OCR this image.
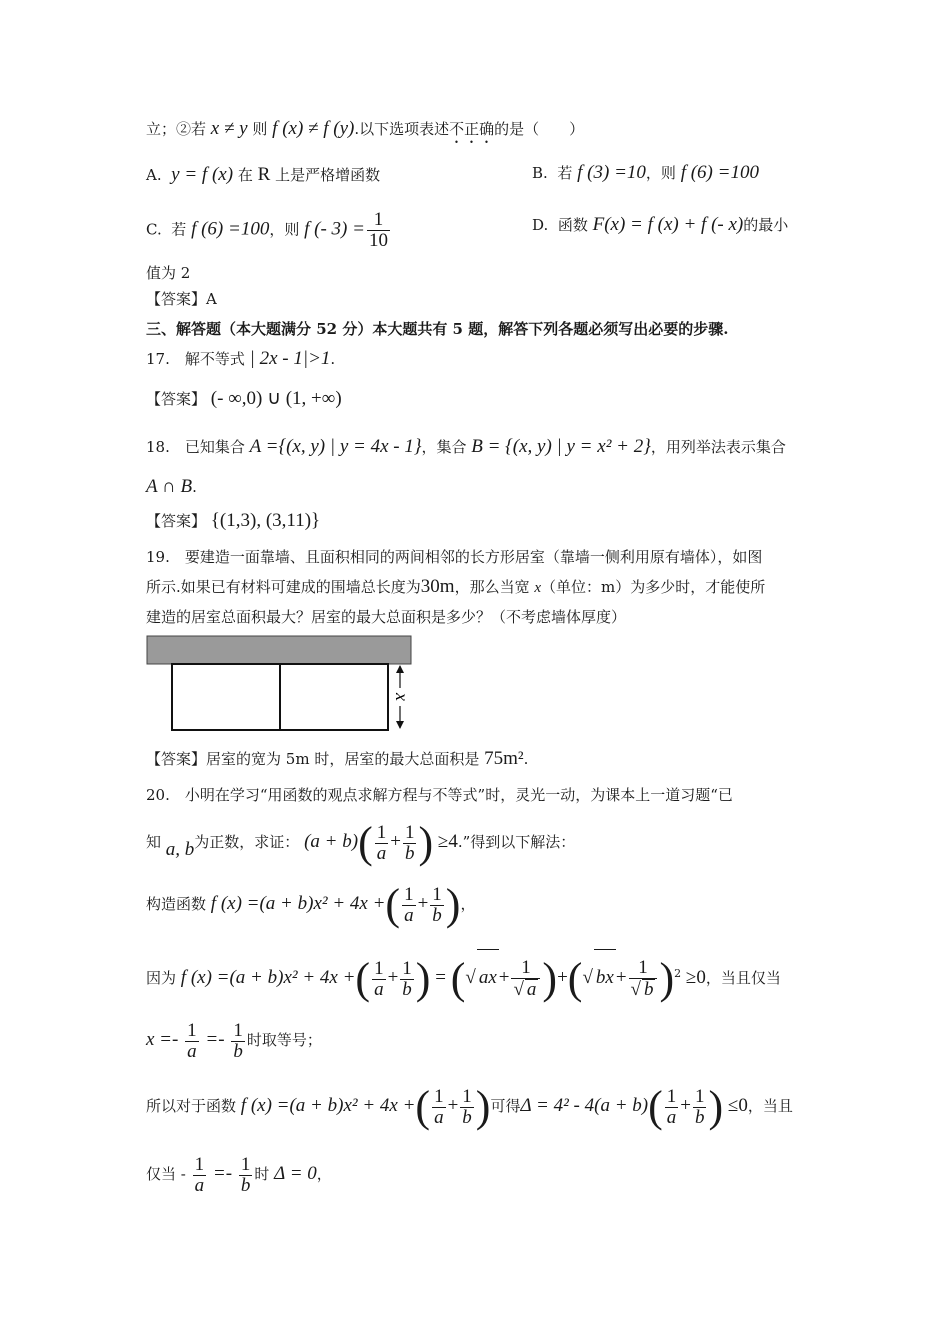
立；②若 x ≠ y 则 f (x) ≠ f (y).以下选项表述不正确的是（　　）
A. y = f (x) 在 R 上是严格增函数	B. 若 f (3) =10，则 f (6) =100
C. 若 f (6) =100，则 f (- $3) = \frac{1}{10}$	D. 函数 F(x) = f (x) + f (- x)的最小
值为 2
【答案】A
三、解答题（本大题满分 52 分）本大题共有 5 题，解答下列各题必须写出必要的步骤.
17.　解不等式 | 2x - 1|>1.
【答案】 (- ∞,0) ∪ (1, +∞)
18.　已知集合 A ={(x, y) | y = 4x - 1}，集合 B = {(x, y) | y = x² + 2}，用列举法表示集合
A ∩ B.
【答案】 {(1,3), (3,11)}
19.　要建造一面靠墙、且面积相同的两间相邻的长方形居室（靠墙一侧利用原有墙体），如图
所示.如果已有材料可建成的围墙总长度为30m，那么当宽 x（单位：m）为多少时，才能使所
建造的居室总面积最大？居室的最大总面积是多少？（不考虑墙体厚度）
x
【答案】居室的宽为 5m 时，居室的最大总面积是 75m².
20.　小明在学习“用函数的观点求解方程与不等式”时，灵光一动，为课本上一道习题“已
知 a, b为正数，求证： $(a + b)( \frac{1}{a} + \frac{1}{b}$ ) ≥4.”得到以下解法：
构造函数 f (x) =(a + b)x² + 4x +( $\frac{1}{a} + \frac{1}{b}$ )，
因为 f (x) =(a + b)x² + 4x +( $\frac{1}{a} + \frac{1}{b}$ ) = (√ ax + $\frac{1}{√ a}$ )+(√ bx + $\frac{1}{√ b} )^2 \ge 0$，当且仅当
$x =- \frac{1}{a} =- \frac{1}{b}$ 时取等号；
所以对于函数 f (x) =(a + b)x² + 4x +( $\frac{1}{a} + \frac{1}{b}$ )可得$\Delta = 4^2 - 4(a + b)( \frac{1}{a} + \frac{1}{b}$ ) ≤0，当且
仅当 - $\frac{1}{a} =- \frac{1}{b}$ 时 Δ = 0，
